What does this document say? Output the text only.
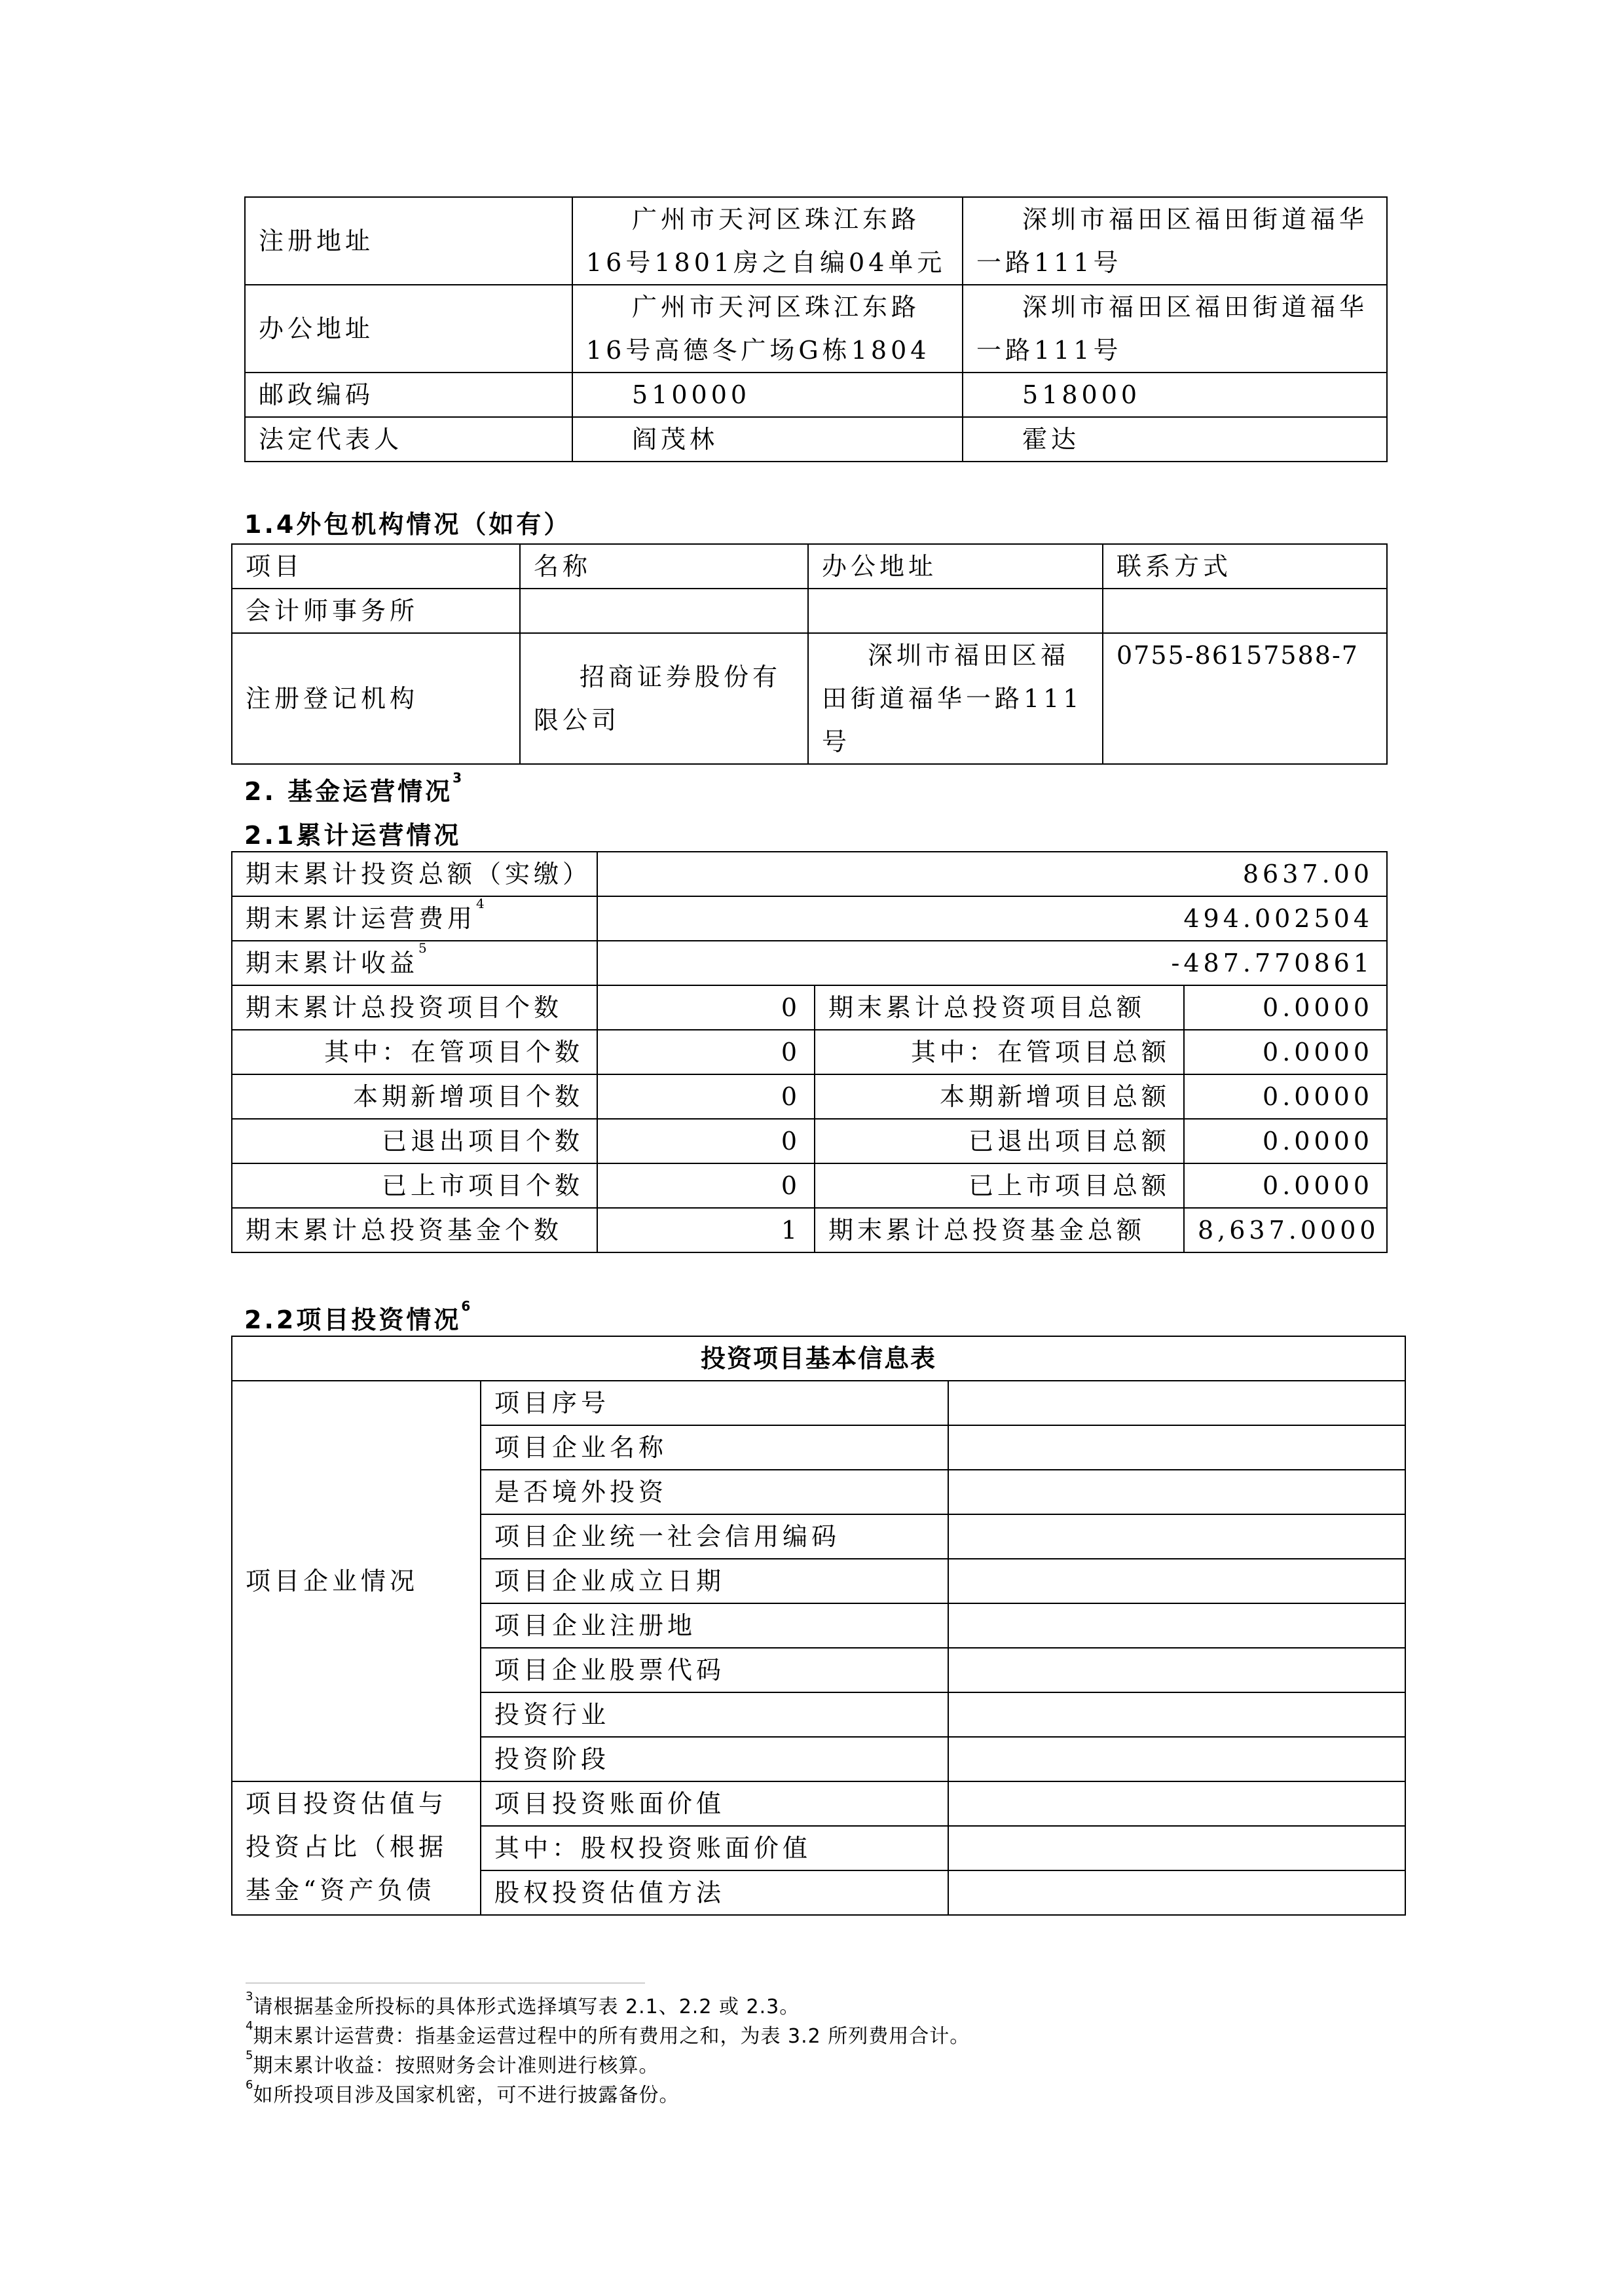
注册地址	广州市天河区珠江东路16号1801房之自编04单元	深圳市福田区福田街道福华一路111号
办公地址	广州市天河区珠江东路16号高德冬广场G栋1804	深圳市福田区福田街道福华一路111号
邮政编码	510000	518000
法定代表人	阎茂林	霍达
1.4外包机构情况（如有）
项目	名称	办公地址	联系方式
会计师事务所			
注册登记机构	招商证券股份有限公司	深圳市福田区福田街道福华一路111号	0755-86157588-7
2. 基金运营情况$^3$
2.1累计运营情况
期末累计投资总额（实缴）	8637.00		
期末累计运营费用$^4$	494.002504		
期末累计收益$^5$	-487.770861		
期末累计总投资项目个数	0	期末累计总投资项目总额	0.0000
其中：在管项目个数	0	其中：在管项目总额	0.0000
本期新增项目个数	0	本期新增项目总额	0.0000
已退出项目个数	0	已退出项目总额	0.0000
已上市项目个数	0	已上市项目总额	0.0000
期末累计总投资基金个数	1	期末累计总投资基金总额	8,637.0000
2.2项目投资情况$^6$
投资项目基本信息表		
项目企业情况	项目序号	
	项目企业名称	
	是否境外投资	
	项目企业统一社会信用编码	
	项目企业成立日期	
	项目企业注册地	
	项目企业股票代码	
	投资行业	
	投资阶段	
项目投资估值与投资占比（根据基金“资产负债	项目投资账面价值	
	其中：股权投资账面价值	
	股权投资估值方法	
$^3$请根据基金所投标的具体形式选择填写表 2.1、2.2 或 2.3。
$^4$期末累计运营费：指基金运营过程中的所有费用之和，为表 3.2 所列费用合计。
$^5$期末累计收益：按照财务会计准则进行核算。
$^6$如所投项目涉及国家机密，可不进行披露备份。
